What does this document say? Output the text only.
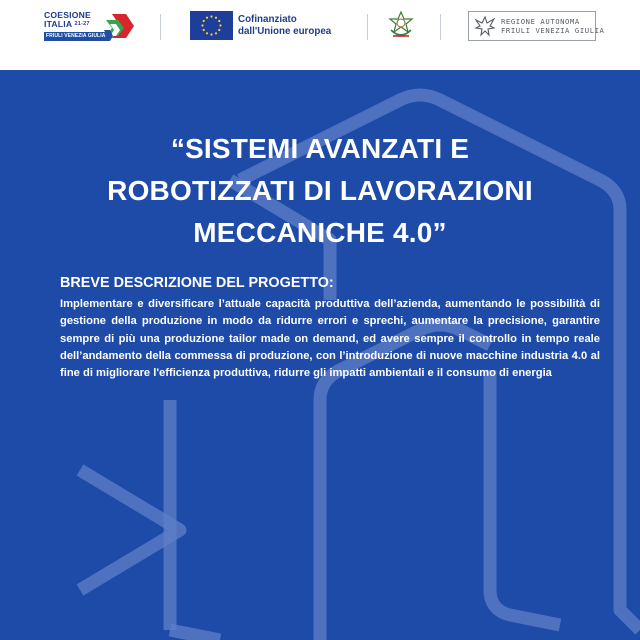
COESIONE
ITALIA $^{21-27}$
FRIULI VENEZIA GIULIA
Cofinanziato
dall'Unione europea
REGIONE AUTONOMA
FRIULI VENEZIA GIULIA
“SISTEMI AVANZATI E
ROBOTIZZATI DI LAVORAZIONI
MECCANICHE 4.0”
BREVE DESCRIZIONE DEL PROGETTO:
Implementare e diversificare l’attuale capacità produttiva dell’azienda, aumentando le possibilità di gestione della produzione in modo da ridurre errori e sprechi, aumentare la precisione, garantire sempre di più una produzione tailor made on demand, ed avere sempre il controllo in tempo reale dell’andamento della commessa di produzione, con l’introduzione di nuove macchine industria 4.0 al fine di migliorare l'efficienza produttiva, ridurre gli impatti ambientali e il consumo di energia
